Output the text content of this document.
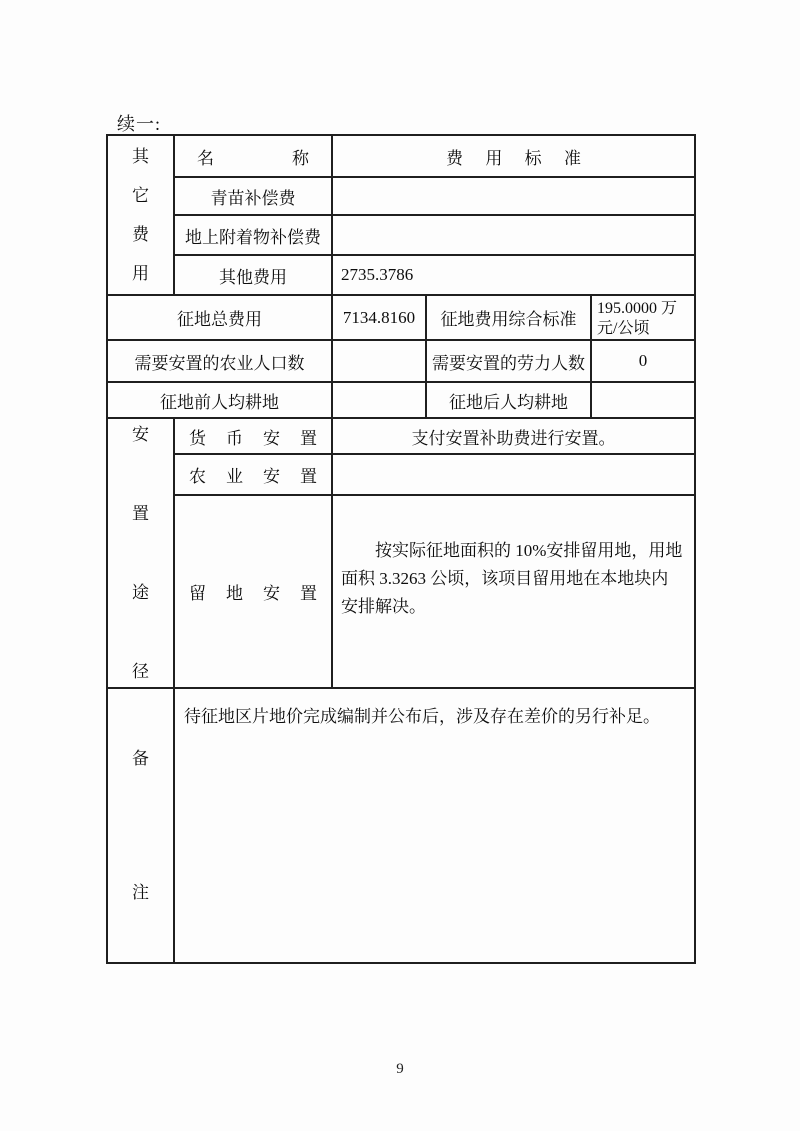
续一:
其
它
费
用	名 称	费 用 标 准		

	青苗补偿费			
	地上附着物补偿费			
	其他费用	2735.3786		
征地总费用		7134.8160	征地费用综合标准	195.0000 万元/公顷
需要安置的农业人口数			需要安置的劳力人数	0
征地前人均耕地			征地后人均耕地	

安
置
途
径	货 币 安 置	支付安置补助费进行安置。		

	农 业 安 置			

	留 地 安 置	按实际征地面积的 10%安排留用地，用地面积 3.3263 公顷，该项目留用地在本地块内安排解决。		

备
注	待征地区片地价完成编制并公布后，涉及存在差价的另行补足。			
9
